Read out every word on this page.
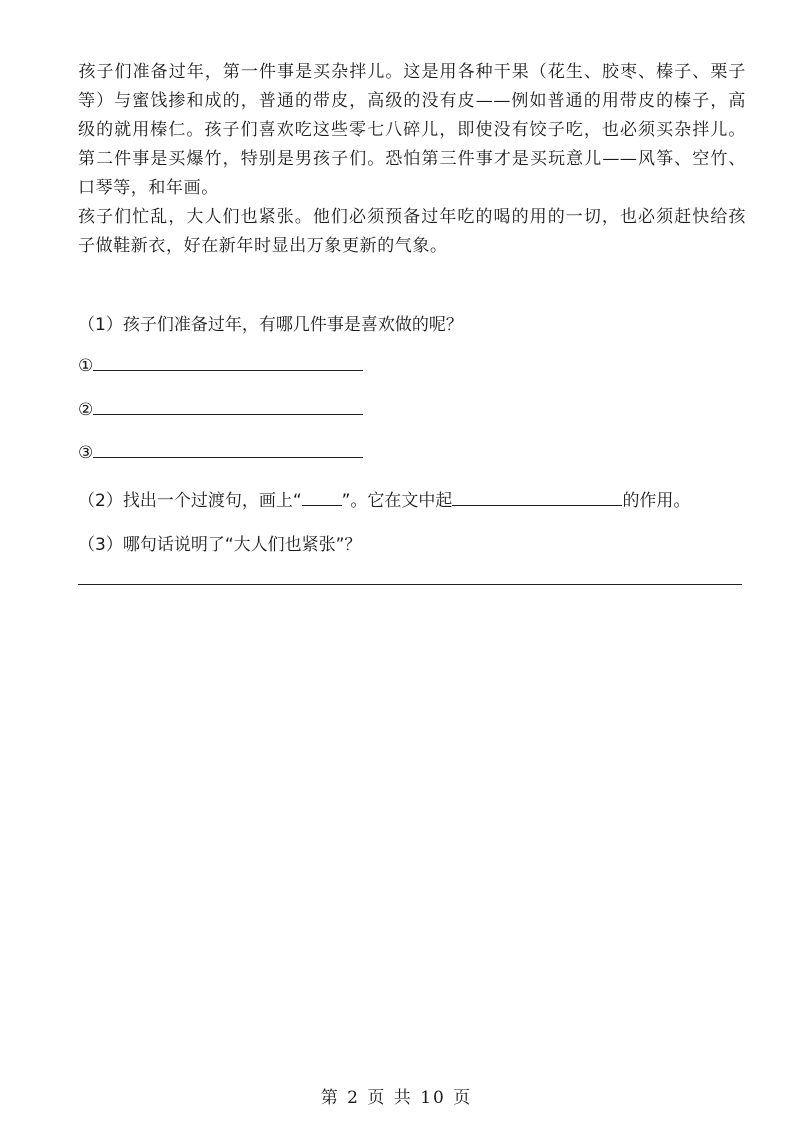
孩子们准备过年，第一件事是买杂拌儿。这是用各种干果（花生、胶枣、榛子、栗子等）与蜜饯掺和成的，普通的带皮，高级的没有皮——例如普通的用带皮的榛子，高级的就用榛仁。孩子们喜欢吃这些零七八碎儿，即使没有饺子吃，也必须买杂拌儿。第二件事是买爆竹，特别是男孩子们。恐怕第三件事才是买玩意儿——风筝、空竹、口琴等，和年画。

孩子们忙乱，大人们也紧张。他们必须预备过年吃的喝的用的一切，也必须赶快给孩子做鞋新衣，好在新年时显出万象更新的气象。

（1）孩子们准备过年，有哪几件事是喜欢做的呢？
①
②
③
（2）找出一个过渡句，画上“ ”。它在文中起	的作用。
（3）哪句话说明了“大人们也紧张”？
第 2 页 共 10 页
